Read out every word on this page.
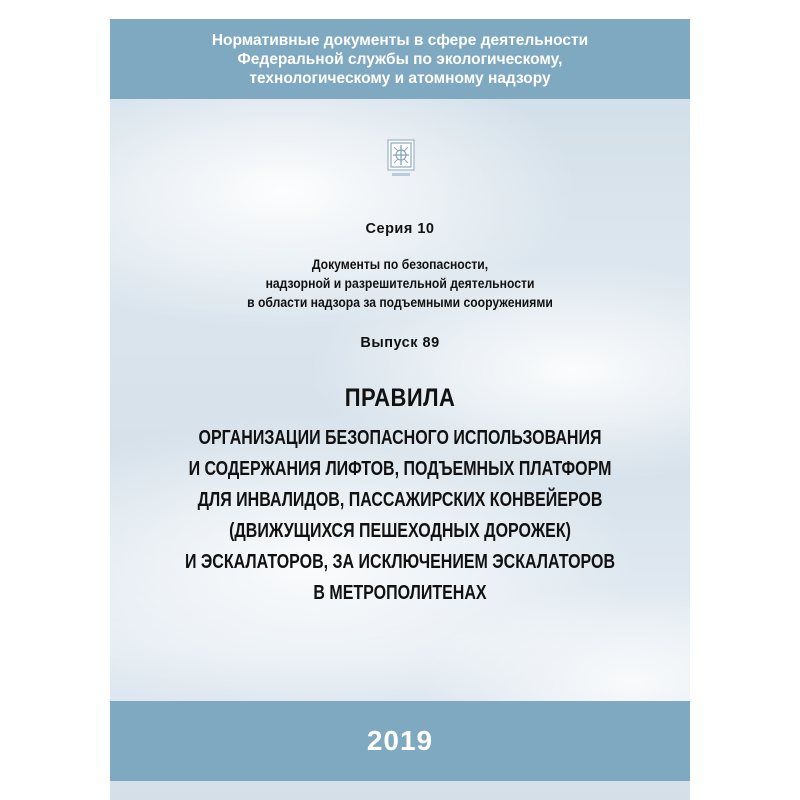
Нормативные документы в сфере деятельности
Федеральной службы по экологическому,
технологическому и атомному надзору
Серия 10
Документы по безопасности,
надзорной и разрешительной деятельности
в области надзора за подъемными сооружениями
Выпуск 89
ПРАВИЛА
ОРГАНИЗАЦИИ БЕЗОПАСНОГО ИСПОЛЬЗОВАНИЯ
И СОДЕРЖАНИЯ ЛИФТОВ, ПОДЪЕМНЫХ ПЛАТФОРМ
ДЛЯ ИНВАЛИДОВ, ПАССАЖИРСКИХ КОНВЕЙЕРОВ
(ДВИЖУЩИХСЯ ПЕШЕХОДНЫХ ДОРОЖЕК)
И ЭСКАЛАТОРОВ, ЗА ИСКЛЮЧЕНИЕМ ЭСКАЛАТОРОВ
В МЕТРОПОЛИТЕНАХ
2019
